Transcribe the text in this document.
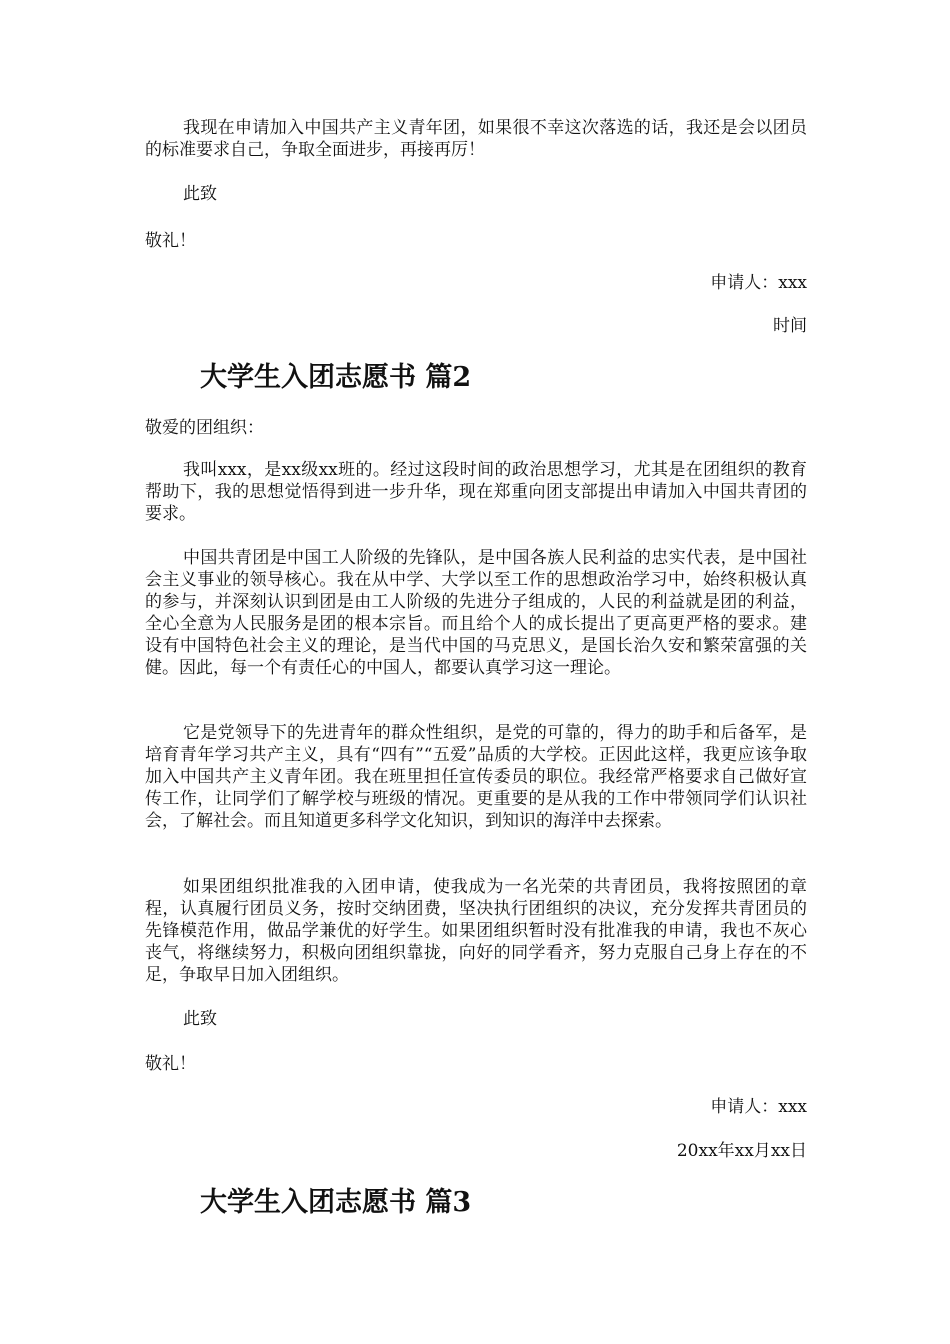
我现在申请加入中国共产主义青年团，如果很不幸这次落选的话，我还是会以团员的标准要求自己，争取全面进步，再接再厉！

此致

敬礼！

申请人：xxx

时间

大学生入团志愿书 篇2

敬爱的团组织：

我叫xxx，是xx级xx班的。经过这段时间的政治思想学习，尤其是在团组织的教育帮助下，我的思想觉悟得到进一步升华，现在郑重向团支部提出申请加入中国共青团的要求。

中国共青团是中国工人阶级的先锋队，是中国各族人民利益的忠实代表，是中国社会主义事业的领导核心。我在从中学、大学以至工作的思想政治学习中，始终积极认真的参与，并深刻认识到团是由工人阶级的先进分子组成的，人民的利益就是团的利益，全心全意为人民服务是团的根本宗旨。而且给个人的成长提出了更高更严格的要求。建设有中国特色社会主义的理论，是当代中国的马克思义，是国长治久安和繁荣富强的关健。因此，每一个有责任心的中国人，都要认真学习这一理论。

它是党领导下的先进青年的群众性组织，是党的可靠的，得力的助手和后备军，是培育青年学习共产主义，具有“四有”“五爱”品质的大学校。正因此这样，我更应该争取加入中国共产主义青年团。我在班里担任宣传委员的职位。我经常严格要求自己做好宣传工作，让同学们了解学校与班级的情况。更重要的是从我的工作中带领同学们认识社会，了解社会。而且知道更多科学文化知识，到知识的海洋中去探索。

如果团组织批准我的入团申请，使我成为一名光荣的共青团员，我将按照团的章程，认真履行团员义务，按时交纳团费，坚决执行团组织的决议，充分发挥共青团员的先锋模范作用，做品学兼优的好学生。如果团组织暂时没有批准我的申请，我也不灰心丧气，将继续努力，积极向团组织靠拢，向好的同学看齐，努力克服自己身上存在的不足，争取早日加入团组织。

此致

敬礼！

申请人：xxx

20xx年xx月xx日

大学生入团志愿书 篇3
